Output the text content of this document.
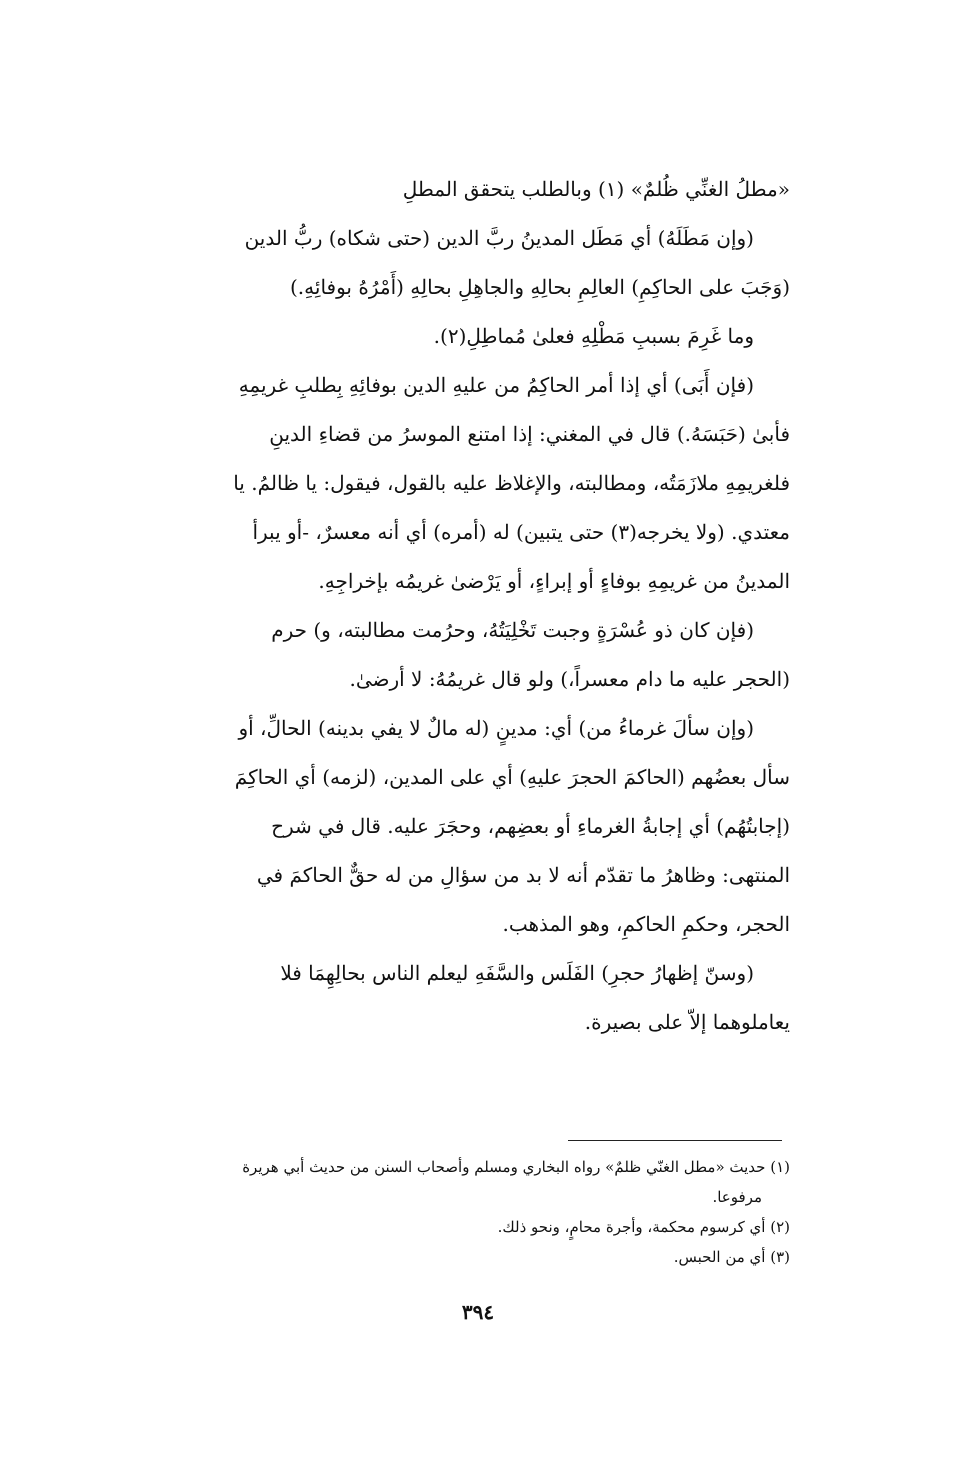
«مطلُ الغنِّي ظُلمٌ» (١) وبالطلب يتحقق المطلِ
(وإن مَطَلَهُ) أي مَطَل المدينُ ربَّ الدين (حتى شكاه) ربُّ الدين
(وَجَبَ على الحاكِمِ) العالِمِ بحالِهِ والجاهِلِ بحالِهِ (أَمْرُهُ بوفائِهِ.)
وما غَرِمَ بسببِ مَطْلِهِ فعلىٰ مُماطِلِ(٢).
(فإن أَبَى) أي إذا أمر الحاكِمُ من عليهِ الدين بوفائِهِ بِطلبِ غريمِهِ
فأبىٰ (حَبَسَهُ.) قال في المغني: إذا امتنع الموسرُ من قضاءِ الدينِ
فلغريمِهِ ملازَمَتُه، ومطالبته، والإغلاظ عليه بالقول، فيقول: يا ظالمُ. يا
معتدي. (ولا يخرجه(٣) حتى يتبين) له (أمره) أي أنه معسرٌ، -أو يبرأ
المدينُ من غريمِهِ بوفاءٍ أو إبراءٍ، أو يَرْضىٰ غريمُه بإخراجِهِ.
(فإن كان ذو عُسْرَةٍ وجبت تَخْلِيَتُهُ، وحرُمت مطالبته، و) حرم
(الحجر عليه ما دام معسراً،) ولو قال غريمُهُ: لا أرضىٰ.
(وإن سألَ غرماءُ من) أي: مدينٍ (له مالٌ لا يفي بدينه) الحالِّ، أو
سأل بعضُهم (الحاكمَ الحجرَ عليهِ) أي على المدين، (لزمه) أي الحاكِمَ
(إجابتُهُم) أي إجابةُ الغرماءِ أو بعضِهم، وحجَرَ عليه. قال في شرح
المنتهى: وظاهرُ ما تقدّم أنه لا بد من سؤالِ من له حقٌّ الحاكمَ في
الحجر، وحكمِ الحاكمِ، وهو المذهب.
(وسنّ إظهارُ حجرِ) الفَلَس والسَّفَهِ ليعلم الناس بحالِهِمَا فلا
يعاملوهما إلاّ على بصيرة.
(١) حديث «مطل الغنّي ظلمٌ» رواه البخاري ومسلم وأصحاب السنن من حديث أبي هريرة
مرفوعا.
(٢) أي كرسوم محكمة، وأجرة محامٍ، ونحو ذلك.
(٣) أي من الحبس.
٣٩٤
